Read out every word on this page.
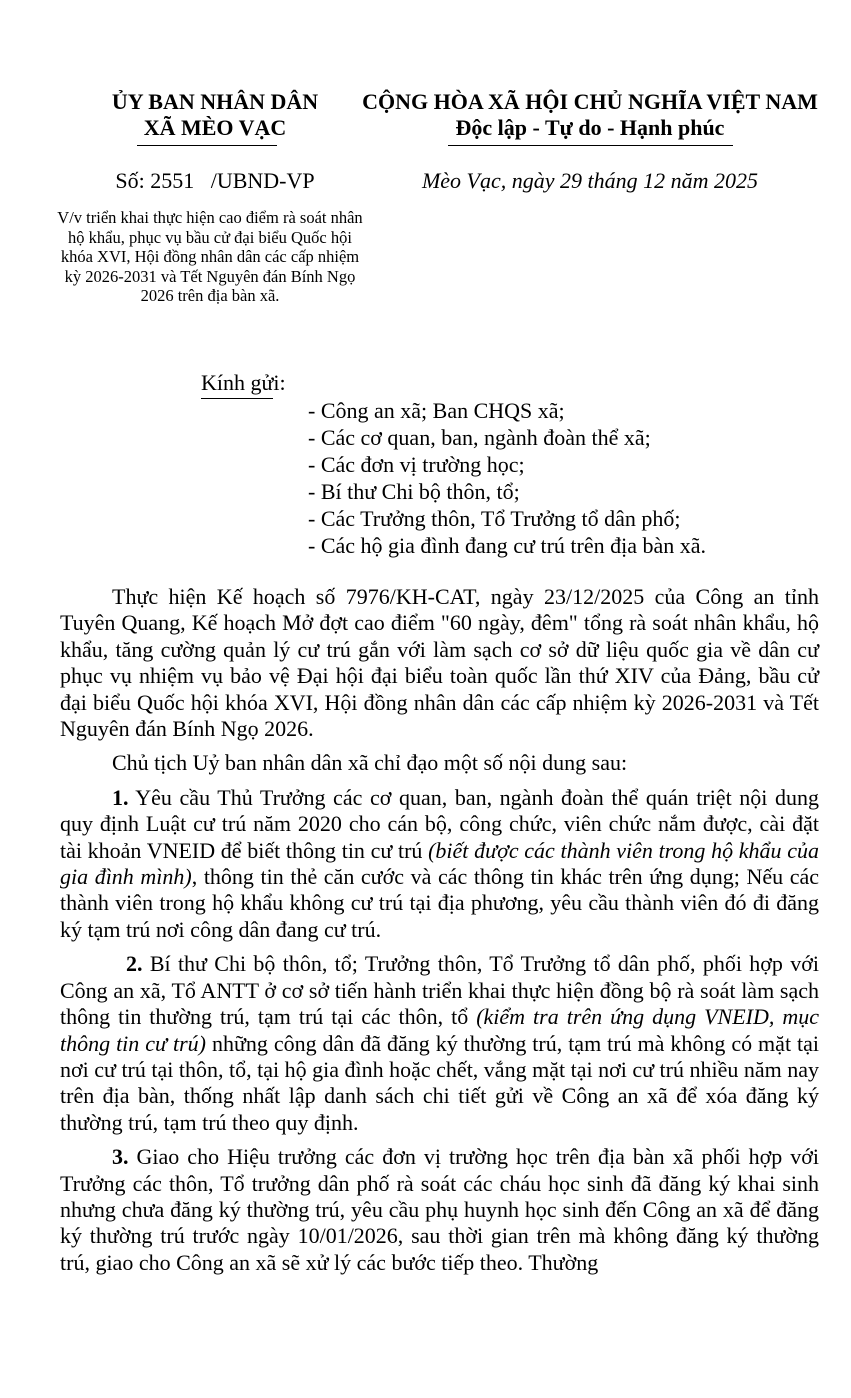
ỦY BAN NHÂN DÂN
XÃ MÈO VẠC
CỘNG HÒA XÃ HỘI CHỦ NGHĨA VIỆT NAM
Độc lập - Tự do - Hạnh phúc
Số: 2551   /UBND-VP	Mèo Vạc, ngày 29 tháng 12 năm 2025
V/v triển khai thực hiện cao điểm rà soát nhân hộ khẩu, phục vụ bầu cử đại biểu Quốc hội khóa XVI, Hội đồng nhân dân các cấp nhiệm kỳ 2026-2031 và Tết Nguyên đán Bính Ngọ 2026 trên địa bàn xã.
Kính gửi:
- Công an xã; Ban CHQS xã;
- Các cơ quan, ban, ngành đoàn thể xã;
- Các đơn vị trường học;
- Bí thư Chi bộ thôn, tổ;
- Các Trưởng thôn, Tổ Trưởng tổ dân phố;
- Các hộ gia đình đang cư trú trên địa bàn xã.

Thực hiện Kế hoạch số 7976/KH-CAT, ngày 23/12/2025 của Công an tỉnh Tuyên Quang, Kế hoạch Mở đợt cao điểm "60 ngày, đêm" tổng rà soát nhân khẩu, hộ khẩu, tăng cường quản lý cư trú gắn với làm sạch cơ sở dữ liệu quốc gia về dân cư phục vụ nhiệm vụ bảo vệ Đại hội đại biểu toàn quốc lần thứ XIV của Đảng, bầu cử đại biểu Quốc hội khóa XVI, Hội đồng nhân dân các cấp nhiệm kỳ 2026-2031 và Tết Nguyên đán Bính Ngọ 2026.

Chủ tịch Uỷ ban nhân dân xã chỉ đạo một số nội dung sau:

1. Yêu cầu Thủ Trưởng các cơ quan, ban, ngành đoàn thể quán triệt nội dung quy định Luật cư trú năm 2020 cho cán bộ, công chức, viên chức nắm được, cài đặt tài khoản VNEID để biết thông tin cư trú (biết được các thành viên trong hộ khẩu của gia đình mình), thông tin thẻ căn cước và các thông tin khác trên ứng dụng; Nếu các thành viên trong hộ khẩu không cư trú tại địa phương, yêu cầu thành viên đó đi đăng ký tạm trú nơi công dân đang cư trú.

2. Bí thư Chi bộ thôn, tổ; Trưởng thôn, Tổ Trưởng tổ dân phố, phối hợp với Công an xã, Tổ ANTT ở cơ sở tiến hành triển khai thực hiện đồng bộ rà soát làm sạch thông tin thường trú, tạm trú tại các thôn, tổ (kiểm tra trên ứng dụng VNEID, mục thông tin cư trú) những công dân đã đăng ký thường trú, tạm trú mà không có mặt tại nơi cư trú tại thôn, tổ, tại hộ gia đình hoặc chết, vắng mặt tại nơi cư trú nhiều năm nay trên địa bàn, thống nhất lập danh sách chi tiết gửi về Công an xã để xóa đăng ký thường trú, tạm trú theo quy định.

3. Giao cho Hiệu trưởng các đơn vị trường học trên địa bàn xã phối hợp với Trưởng các thôn, Tổ trưởng dân phố rà soát các cháu học sinh đã đăng ký khai sinh nhưng chưa đăng ký thường trú, yêu cầu phụ huynh học sinh đến Công an xã để đăng ký thường trú trước ngày 10/01/2026, sau thời gian trên mà không đăng ký thường trú, giao cho Công an xã sẽ xử lý các bước tiếp theo. Thường
